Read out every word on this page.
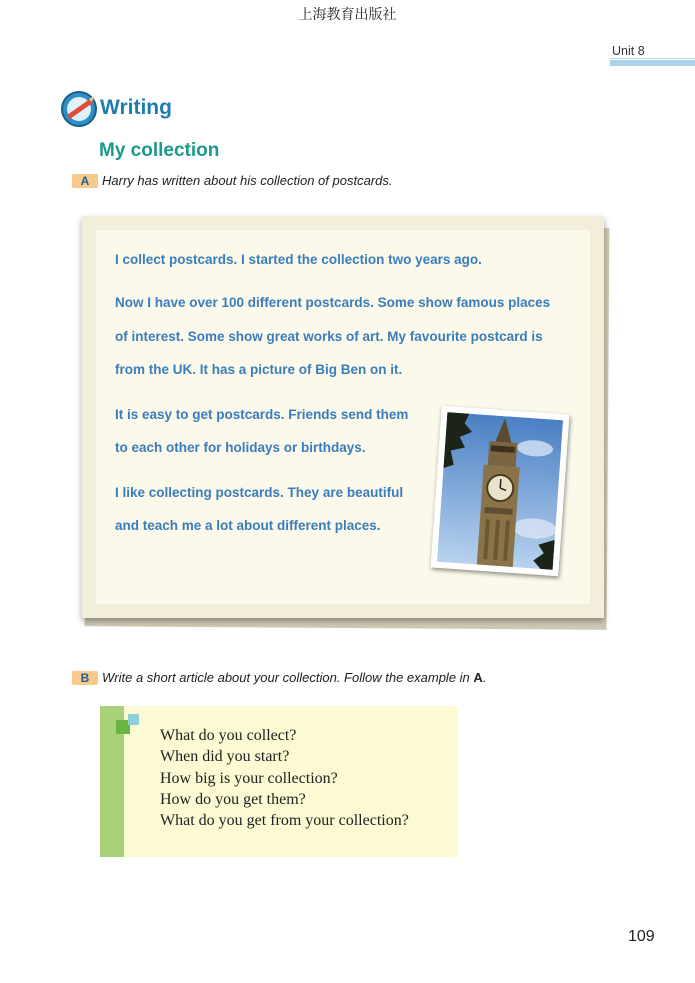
上海教育出版社
Unit 8
Writing
My collection
A Harry has written about his collection of postcards.
I collect postcards. I started the collection two years ago.
Now I have over 100 different postcards. Some show famous places
of interest. Some show great works of art. My favourite postcard is
from the UK. It has a picture of Big Ben on it.
It is easy to get postcards. Friends send them
to each other for holidays or birthdays.
I like collecting postcards. They are beautiful
and teach me a lot about different places.
B Write a short article about your collection. Follow the example in A.
What do you collect?
When did you start?
How big is your collection?
How do you get them?
What do you get from your collection?
109
